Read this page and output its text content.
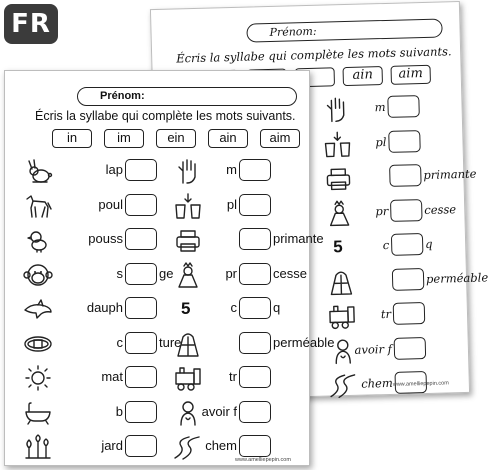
FR	Prénom:
Écris la syllabe qui complète les mots suivants.
ain	aim
m
pl
primante
pr	cesse
5	c	q
perméable
tr
avoir f
chem www.amelliepepin.com
Prénom:
Écris la syllabe qui complète les mots suivants.
in	im	ein	ain	aim
lap
poul
pouss
s	ge
dauph
c	ture
mat
b
jard
m
pl
primante
pr	cesse
5	c	q
perméable
tr
avoir f
chem
www.amelliepepin.com
